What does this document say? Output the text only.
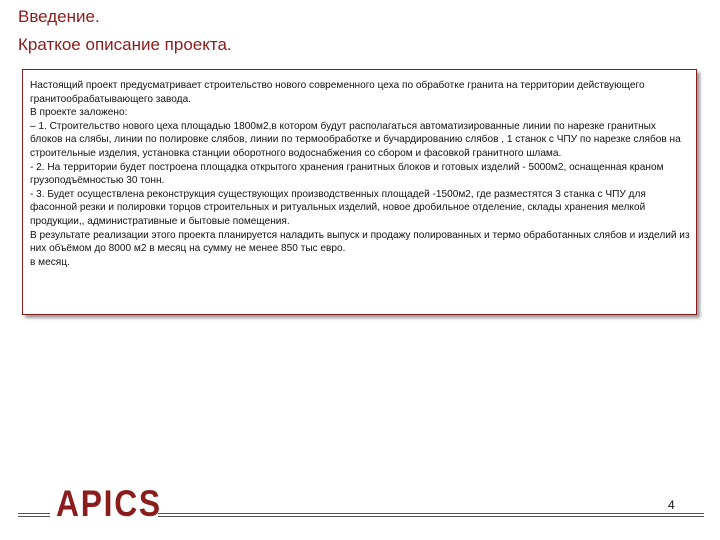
Введение.
Краткое описание проекта.

Настоящий проект предусматривает строительство нового современного цеха по обработке гранита на территории действующего гранитообрабатывающего завода.

В проекте заложено:

– 1. Строительство нового цеха площадью 1800м2,в котором будут располагаться автоматизированные линии по нарезке гранитных блоков на слябы, линии по полировке слябов, линии по термообработке и бучардированию слябов , 1 станок с ЧПУ по нарезке слябов на строительные изделия, установка станции оборотного водоснабжения со сбором и фасовкой гранитного шлама.

- 2. На территории будет построена площадка открытого хранения гранитных блоков и готовых изделий - 5000м2, оснащенная краном грузоподъёмностью 30 тонн.

- 3. Будет осуществлена реконструкция существующих производственных площадей -1500м2, где разместятся 3 станка с ЧПУ для фасонной резки и полировки торцов строительных и ритуальных изделий, новое дробильное отделение, склады хранения мелкой продукции,, административные и бытовые помещения.

В результате реализации этого проекта планируется наладить выпуск и продажу полированных и термо обработанных слябов и изделий из них объёмом до 8000 м2 в месяц на сумму не менее 850 тыс евро.

в месяц.

APICS	4
